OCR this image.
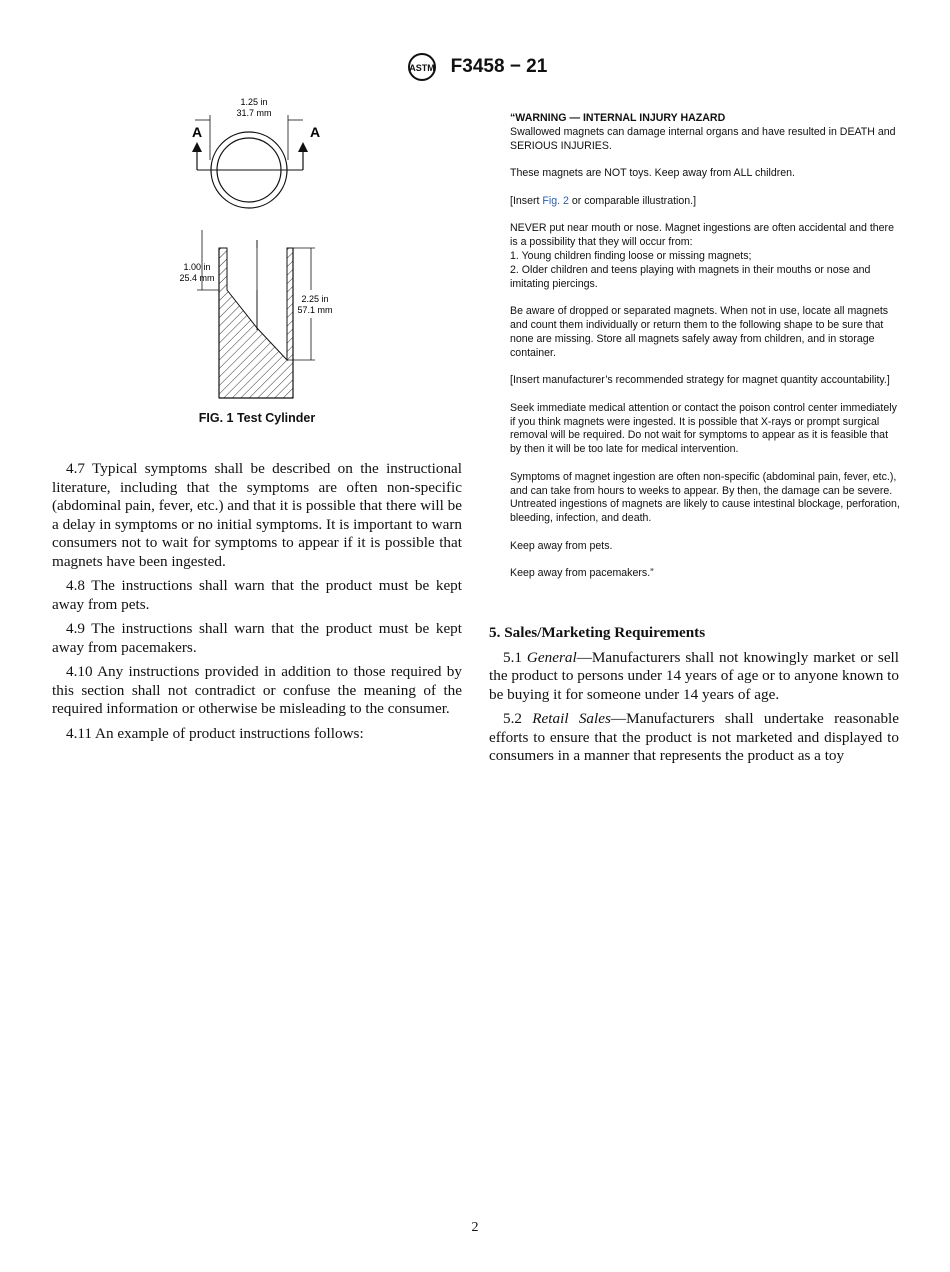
ASTM F3458 − 21
1.25 in
31.7 mm
A	A
1.00 in
25.4 mm
2.25 in
57.1 mm
FIG. 1 Test Cylinder

4.7 Typical symptoms shall be described on the instructional literature, including that the symptoms are often non-specific (abdominal pain, fever, etc.) and that it is possible that there will be a delay in symptoms or no initial symptoms. It is important to warn consumers not to wait for symptoms to appear if it is possible that magnets have been ingested.

4.8 The instructions shall warn that the product must be kept away from pets.

4.9 The instructions shall warn that the product must be kept away from pacemakers.

4.10 Any instructions provided in addition to those required by this section shall not contradict or confuse the meaning of the required information or otherwise be misleading to the consumer.

4.11 An example of product instructions follows:

“WARNING — INTERNAL INJURY HAZARD

Swallowed magnets can damage internal organs and have resulted in DEATH and SERIOUS INJURIES.

These magnets are NOT toys. Keep away from ALL children.

[Insert Fig. 2 or comparable illustration.]

NEVER put near mouth or nose. Magnet ingestions are often accidental and there is a possibility that they will occur from:
1. Young children finding loose or missing magnets;
2. Older children and teens playing with magnets in their mouths or nose and imitating piercings.

Be aware of dropped or separated magnets. When not in use, locate all magnets and count them individually or return them to the following shape to be sure that none are missing. Store all magnets safely away from children, and in storage container.

[Insert manufacturer’s recommended strategy for magnet quantity accountability.]

Seek immediate medical attention or contact the poison control center immediately if you think magnets were ingested. It is possible that X-rays or prompt surgical removal will be required. Do not wait for symptoms to appear as it is feasible that by then it will be too late for medical intervention.

Symptoms of magnet ingestion are often non-specific (abdominal pain, fever, etc.), and can take from hours to weeks to appear. By then, the damage can be severe. Untreated ingestions of magnets are likely to cause intestinal blockage, perforation, bleeding, infection, and death.

Keep away from pets.

Keep away from pacemakers.”

5. Sales/Marketing Requirements

5.1 General—Manufacturers shall not knowingly market or sell the product to persons under 14 years of age or to anyone known to be buying it for someone under 14 years of age.

5.2 Retail Sales—Manufacturers shall undertake reasonable efforts to ensure that the product is not marketed and displayed to consumers in a manner that represents the product as a toy

2
